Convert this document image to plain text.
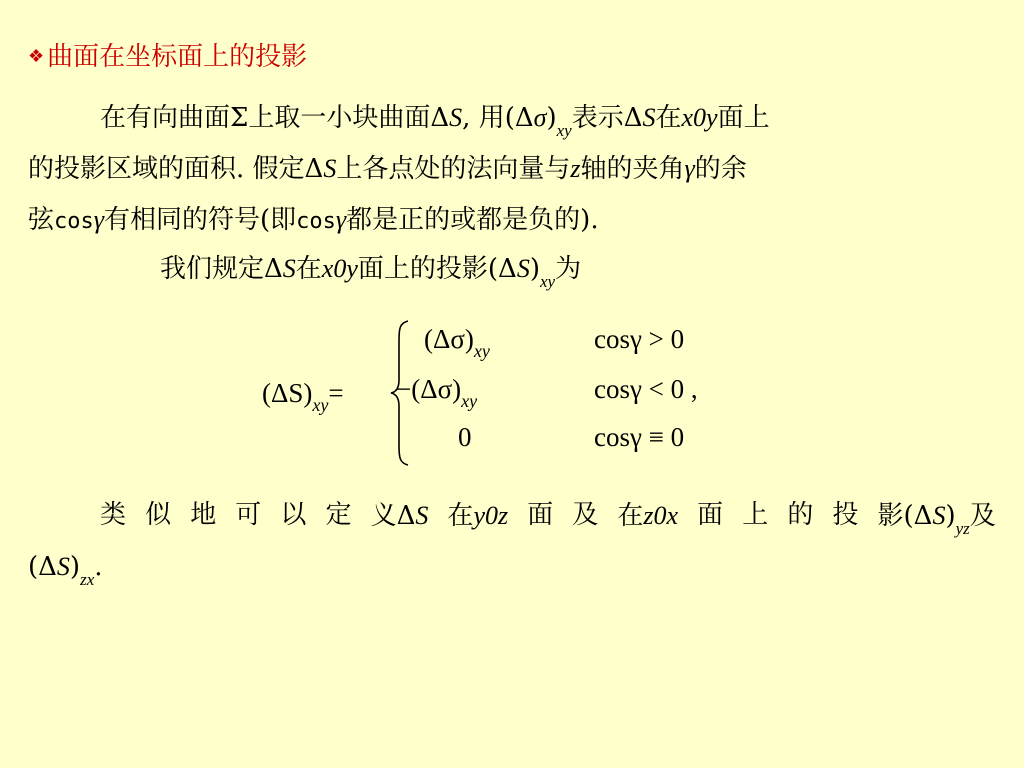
❖ 曲面在坐标面上的投影
在有向曲面Σ上取一小块曲面ΔS, 用$(\Delta\sigma)_{xy}$表示ΔS在x0y面上
的投影区域的面积. 假定ΔS上各点处的法向量与z轴的夹角γ的余
弦cosγ有相同的符号(即cosγ都是正的或都是负的).
我们规定ΔS在x0y面上的投影$(\Delta S)_{xy}$为
$(\Delta S)_{xy}=$
$(\Delta\sigma)_{xy}$	cosγ > 0
$-(\Delta\sigma)_{xy}$	cosγ < 0 ,
0	cosγ ≡ 0
类 似 地 可 以 定 义ΔS 在y0z 面 及 在z0x 面 上 的 投 影$(\Delta S)_{yz}$及
$(\Delta S)_{zx}$.
